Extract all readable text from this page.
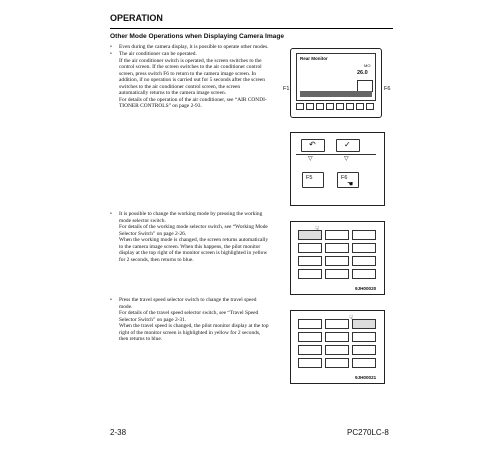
OPERATION
Other Mode Operations when Displaying Camera Image
• Even during the camera display, it is possible to operate other modes.
• The air conditioner can be operated.
If the air conditioner switch is operated, the screen switches to the
control screen. If the screen switches to the air conditioner control
screen, press switch F6 to return to the camera image screen. In
addition, if no operation is carried out for 5 seconds after the screen
switches to the air conditioner control screen, the screen
automatically returns to the camera image screen.
For details of the operation of the air conditioner, see “AIR CONDI-
TIONER CONTROLS” on page 2-93.
F1	F6
Rear Monitor
MO
26.0
↶	✓
▽	▽
F5	F6
☚
• It is possible to change the working mode by pressing the working
mode selector switch.
For details of the working mode selector switch, see “Working Mode
Selector Switch” on page 2-26.
When the working mode is changed, the screen returns automatically
to the camera image screen. When this happens, the pilot monitor
display at the top right of the monitor screen is highlighted in yellow
for 2 seconds, then returns to blue.
☟
9JH00020
• Press the travel speed selector switch to change the travel speed
mode.
For details of the travel speed selector switch, see “Travel Speed
Selector Switch” on page 2-31.
When the travel speed is changed, the pilot monitor display at the top
right of the monitor screen is highlighted in yellow for 2 seconds,
then returns to blue.
☟
9JH00021
2-38	PC270LC-8
